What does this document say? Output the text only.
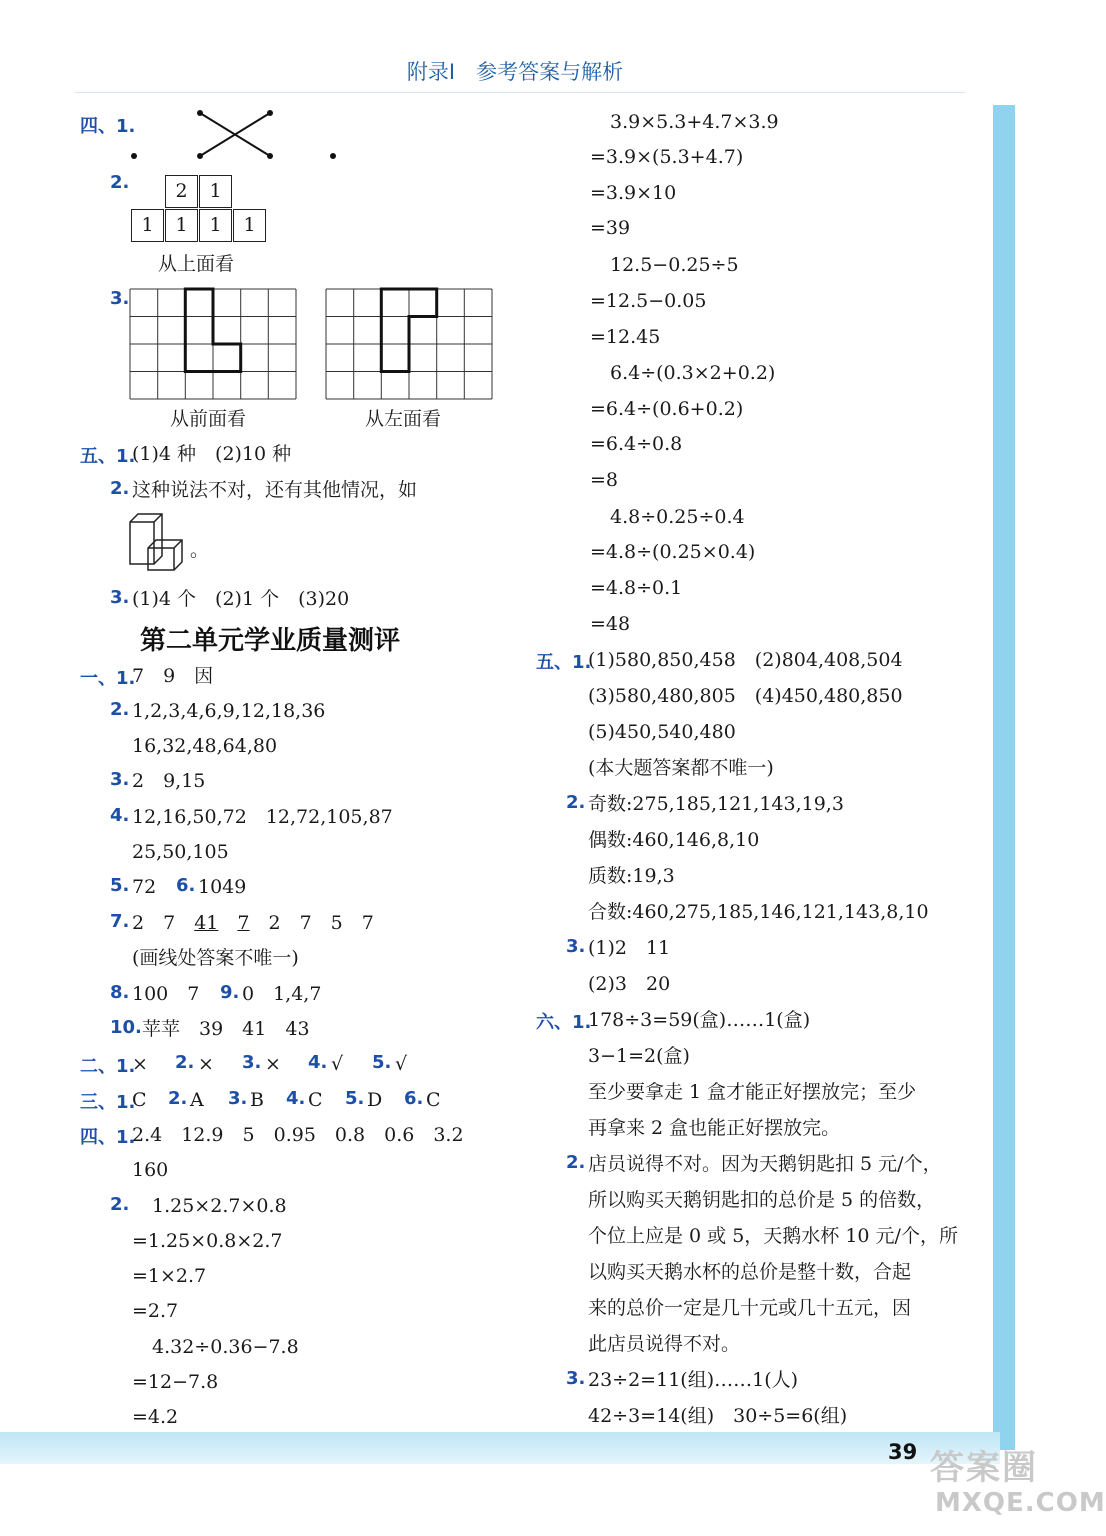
附录Ⅰ　参考答案与解析
四、1.
2.	2	1
1	1	1	1
从上面看
3.
从前面看	从左面看
五、1.
(1)4 种　(2)10 种
2. 这种说法不对，还有其他情况，如
。
3. (1)4 个　(2)1 个　(3)20
第二单元学业质量测评
一、1.
7　9　因
2. 1,2,3,4,6,9,12,18,36
16,32,48,64,80
3. 2　9,15
4. 12,16,50,72　12,72,105,87
25,50,105
5. 72 6. 1049
7. 2　7　41　 7　2　7　5　7
(画线处答案不唯一)
8. 100　7 9. 0　1,4,7
10. 苹苹　39　41　43
二、1.
× 2. × 3. × 4. √ 5. √
三、1.
C 2. A 3. B 4. C 5. D 6. C
四、1.
2.4　12.9　5　0.95　0.8　0.6　3.2
160
2. 1.25×2.7×0.8
=1.25×0.8×2.7
=1×2.7
=2.7
4.32÷0.36−7.8
=12−7.8
=4.2
3.9×5.3+4.7×3.9
=3.9×(5.3+4.7)
=3.9×10
=39
12.5−0.25÷5
=12.5−0.05
=12.45
6.4÷(0.3×2+0.2)
=6.4÷(0.6+0.2)
=6.4÷0.8
=8
4.8÷0.25÷0.4
=4.8÷(0.25×0.4)
=4.8÷0.1
=48
五、1.
(1)580,850,458　(2)804,408,504
(3)580,480,805　(4)450,480,850
(5)450,540,480
(本大题答案都不唯一)
2. 奇数:275,185,121,143,19,3
偶数:460,146,8,10
质数:19,3
合数:460,275,185,146,121,143,8,10
3. (1)2　11
(2)3　20
六、1.
178÷3=59(盒)……1(盒)
3−1=2(盒)
至少要拿走 1 盒才能正好摆放完；至少
再拿来 2 盒也能正好摆放完。
2. 店员说得不对。因为天鹅钥匙扣 5 元/个，
所以购买天鹅钥匙扣的总价是 5 的倍数，
个位上应是 0 或 5，天鹅水杯 10 元/个，所
以购买天鹅水杯的总价是整十数，合起
来的总价一定是几十元或几十五元，因
此店员说得不对。
3. 23÷2=11(组)……1(人)
42÷3=14(组)　30÷5=6(组)
39 答案圈
MXQE.COM
